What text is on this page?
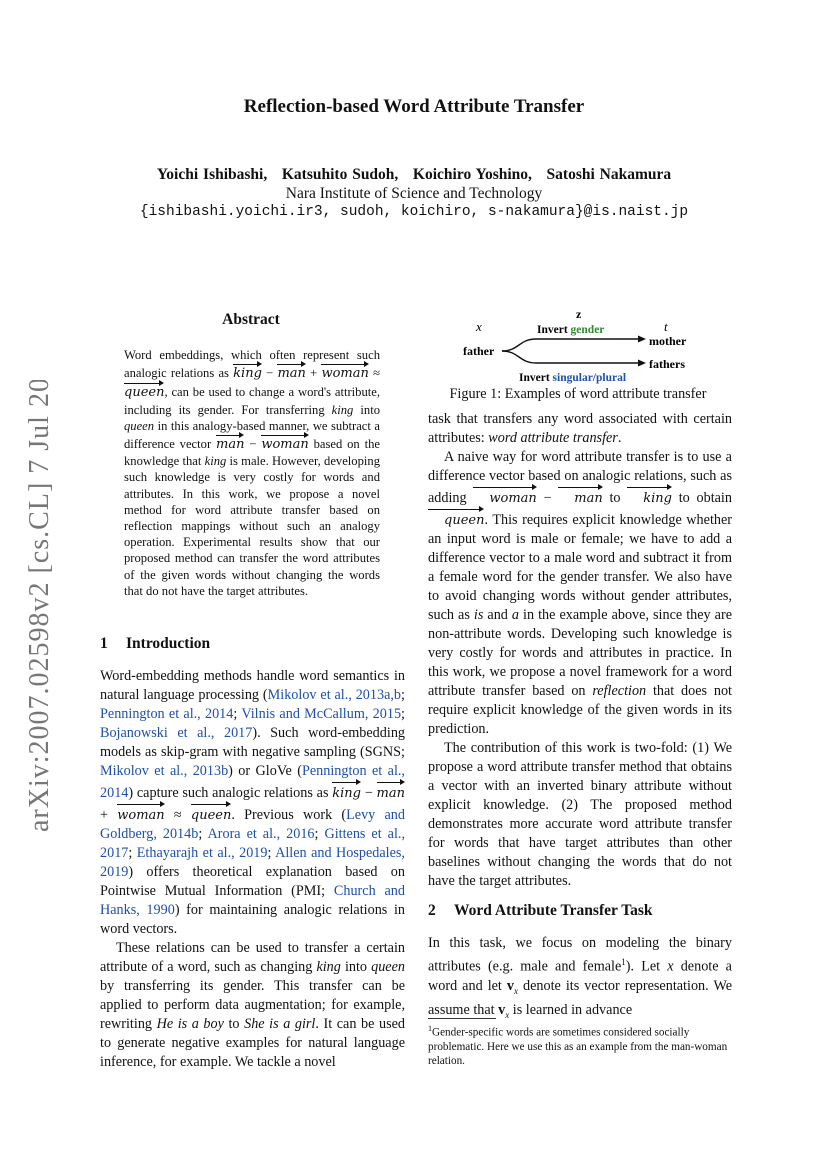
arXiv:2007.02598v2 [cs.CL] 7 Jul 2020
Reflection-based Word Attribute Transfer
Yoichi Ishibashi,   Katsuhito Sudoh,   Koichiro Yoshino,   Satoshi Nakamura
Nara Institute of Science and Technology
{ishibashi.yoichi.ir3, sudoh, koichiro, s-nakamura}@is.naist.jp
Abstract
Word embeddings, which often represent such analogic relations as king − man + woman ≈ queen, can be used to change a word's attribute, including its gender. For transferring king into queen in this analogy-based manner, we subtract a difference vector man − woman based on the knowledge that king is male. However, developing such knowledge is very costly for words and attributes. In this work, we propose a novel method for word attribute transfer based on reflection mappings without such an analogy operation. Experimental results show that our proposed method can transfer the word attributes of the given words without changing the words that do not have the target attributes.
1 Introduction

Word-embedding methods handle word semantics in natural language processing (Mikolov et al., 2013a,b; Pennington et al., 2014; Vilnis and McCallum, 2015; Bojanowski et al., 2017). Such word-embedding models as skip-gram with negative sampling (SGNS; Mikolov et al., 2013b) or GloVe (Pennington et al., 2014) capture such analogic relations as king − man + woman ≈ queen. Previous work (Levy and Goldberg, 2014b; Arora et al., 2016; Gittens et al., 2017; Ethayarajh et al., 2019; Allen and Hospedales, 2019) offers theoretical explanation based on Pointwise Mutual Information (PMI; Church and Hanks, 1990) for maintaining analogic relations in word vectors.

These relations can be used to transfer a certain attribute of a word, such as changing king into queen by transferring its gender. This transfer can be applied to perform data augmentation; for example, rewriting He is a boy to She is a girl. It can be used to generate negative examples for natural language inference, for example. We tackle a novel

z
x	t
Invert gender
father
mother
fathers
Invert singular/plural
Figure 1: Examples of word attribute transfer

task that transfers any word associated with certain attributes: word attribute transfer.

A naive way for word attribute transfer is to use a difference vector based on analogic relations, such as adding woman − man to king to obtain queen. This requires explicit knowledge whether an input word is male or female; we have to add a difference vector to a male word and subtract it from a female word for the gender transfer. We also have to avoid changing words without gender attributes, such as is and a in the example above, since they are non-attribute words. Developing such knowledge is very costly for words and attributes in practice. In this work, we propose a novel framework for a word attribute transfer based on reflection that does not require explicit knowledge of the given words in its prediction.

The contribution of this work is two-fold: (1) We propose a word attribute transfer method that obtains a vector with an inverted binary attribute without explicit knowledge. (2) The proposed method demonstrates more accurate word attribute transfer for words that have target attributes than other baselines without changing the words that do not have the target attributes.

2 Word Attribute Transfer Task

In this task, we focus on modeling the binary attributes (e.g. male and female$^1$). Let x denote a word and let $v_x$ denote its vector representation. We assume that $v_x$ is learned in advance

$^1$Gender-specific words are sometimes considered socially problematic. Here we use this as an example from the man-woman relation.
